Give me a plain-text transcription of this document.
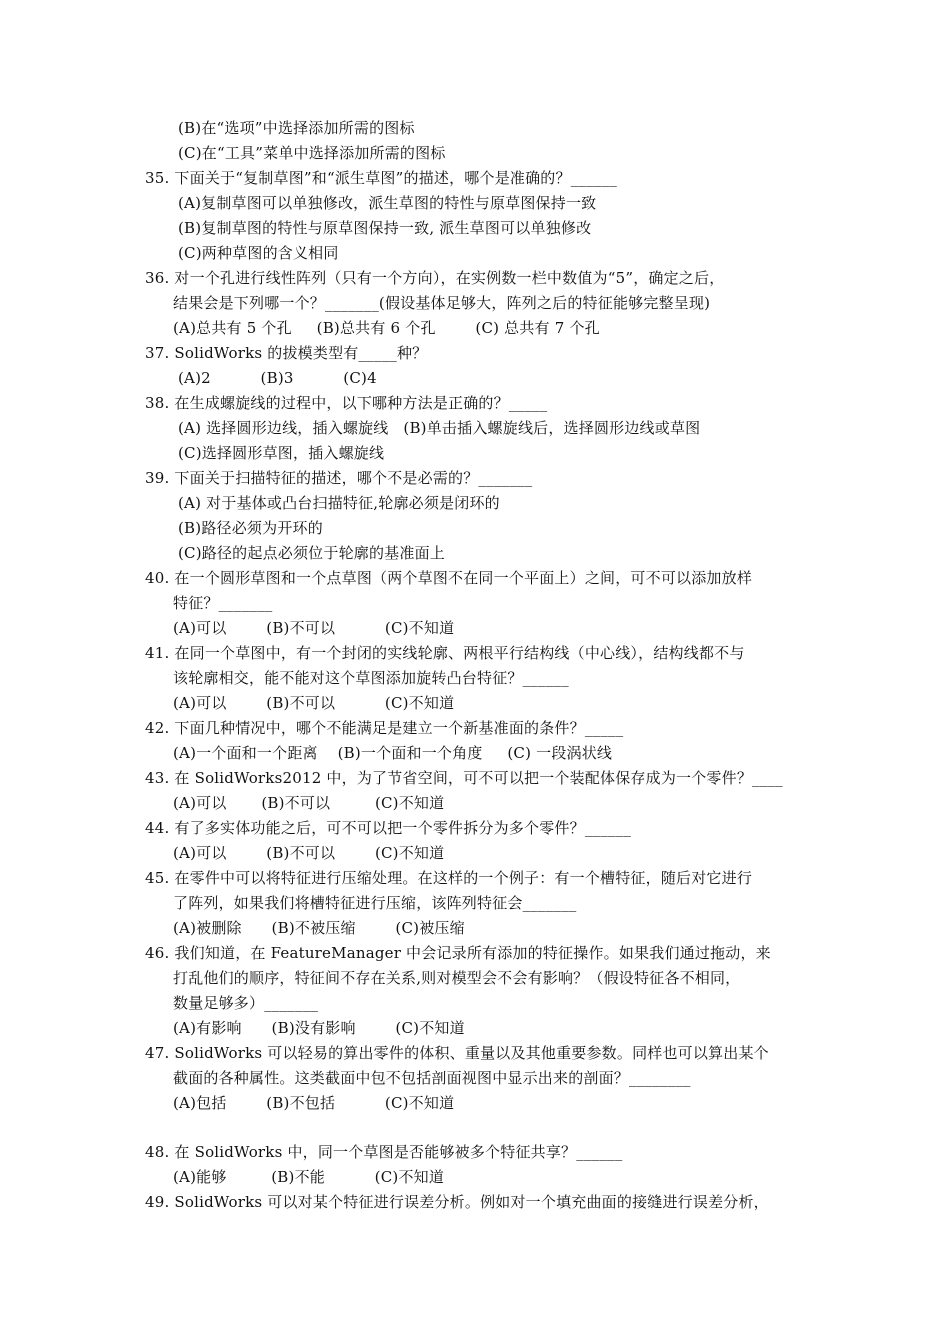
(B)在“选项”中选择添加所需的图标
(C)在“工具”菜单中选择添加所需的图标
35. 下面关于“复制草图”和“派生草图”的描述，哪个是准确的？______
(A)复制草图可以单独修改，派生草图的特性与原草图保持一致
(B)复制草图的特性与原草图保持一致, 派生草图可以单独修改
(C)两种草图的含义相同
36. 对一个孔进行线性阵列（只有一个方向），在实例数一栏中数值为“5”，确定之后，
结果会是下列哪一个？_______(假设基体足够大，阵列之后的特征能够完整呈现)
(A)总共有 5 个孔     (B)总共有 6 个孔        (C) 总共有 7 个孔
37. SolidWorks 的拔模类型有_____种？
(A)2          (B)3          (C)4
38. 在生成螺旋线的过程中，以下哪种方法是正确的？_____
(A) 选择圆形边线，插入螺旋线   (B)单击插入螺旋线后，选择圆形边线或草图
(C)选择圆形草图，插入螺旋线
39. 下面关于扫描特征的描述，哪个不是必需的？_______
(A) 对于基体或凸台扫描特征,轮廓必须是闭环的
(B)路径必须为开环的
(C)路径的起点必须位于轮廓的基准面上
40. 在一个圆形草图和一个点草图（两个草图不在同一个平面上）之间，可不可以添加放样
特征？_______
(A)可以        (B)不可以          (C)不知道
41. 在同一个草图中，有一个封闭的实线轮廓、两根平行结构线（中心线），结构线都不与
该轮廓相交，能不能对这个草图添加旋转凸台特征？______
(A)可以        (B)不可以          (C)不知道
42. 下面几种情况中，哪个不能满足是建立一个新基准面的条件？_____
(A)一个面和一个距离    (B)一个面和一个角度     (C) 一段涡状线
43. 在 SolidWorks2012 中，为了节省空间，可不可以把一个装配体保存成为一个零件？____
(A)可以       (B)不可以         (C)不知道
44. 有了多实体功能之后，可不可以把一个零件拆分为多个零件？______
(A)可以        (B)不可以        (C)不知道
45. 在零件中可以将特征进行压缩处理。在这样的一个例子：有一个槽特征，随后对它进行
了阵列，如果我们将槽特征进行压缩，该阵列特征会_______
(A)被删除      (B)不被压缩        (C)被压缩
46. 我们知道，在 FeatureManager 中会记录所有添加的特征操作。如果我们通过拖动，来
打乱他们的顺序，特征间不存在关系,则对模型会不会有影响？（假设特征各不相同，
数量足够多）_______
(A)有影响      (B)没有影响        (C)不知道
47. SolidWorks 可以轻易的算出零件的体积、重量以及其他重要参数。同样也可以算出某个
截面的各种属性。这类截面中包不包括剖面视图中显示出来的剖面？________
(A)包括        (B)不包括          (C)不知道
48. 在 SolidWorks 中，同一个草图是否能够被多个特征共享？______
(A)能够         (B)不能          (C)不知道
49. SolidWorks 可以对某个特征进行误差分析。例如对一个填充曲面的接缝进行误差分析，
